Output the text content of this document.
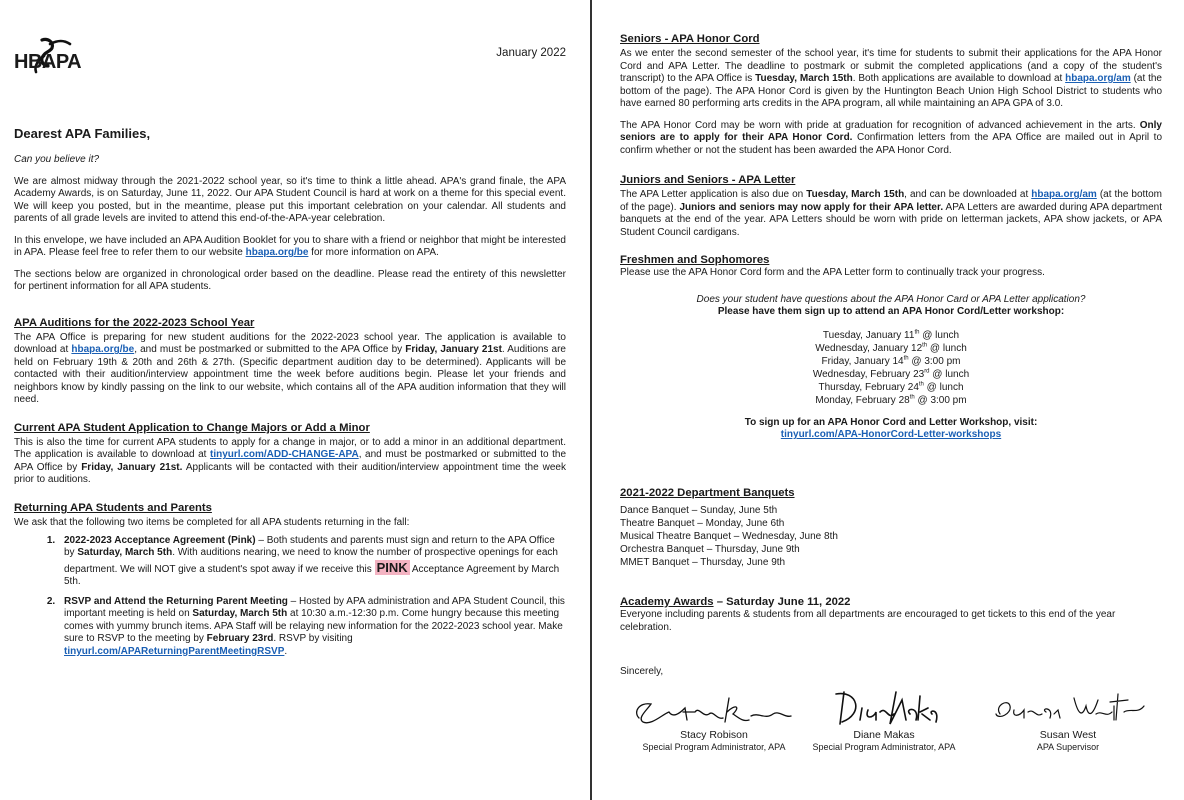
HBAPA	January 2022
Dearest APA Families,
Can you believe it?

We are almost midway through the 2021-2022 school year, so it's time to think a little ahead. APA's grand finale, the APA Academy Awards, is on Saturday, June 11, 2022. Our APA Student Council is hard at work on a theme for this special event. We will keep you posted, but in the meantime, please put this important celebration on your calendar. All students and parents of all grade levels are invited to attend this end-of-the-APA-year celebration.

In this envelope, we have included an APA Audition Booklet for you to share with a friend or neighbor that might be interested in APA. Please feel free to refer them to our website hbapa.org/be for more information on APA.

The sections below are organized in chronological order based on the deadline. Please read the entirety of this newsletter for pertinent information for all APA students.

APA Auditions for the 2022-2023 School Year

The APA Office is preparing for new student auditions for the 2022-2023 school year. The application is available to download at hbapa.org/be, and must be postmarked or submitted to the APA Office by Friday, January 21st. Auditions are held on February 19th & 20th and 26th & 27th. (Specific department audition day to be determined). Applicants will be contacted with their audition/interview appointment time the week before auditions begin. Please let your friends and neighbors know by kindly passing on the link to our website, which contains all of the APA audition information that they will need.

Current APA Student Application to Change Majors or Add a Minor

This is also the time for current APA students to apply for a change in major, or to add a minor in an additional department. The application is available to download at tinyurl.com/ADD-CHANGE-APA, and must be postmarked or submitted to the APA Office by Friday, January 21st. Applicants will be contacted with their audition/interview appointment time the week prior to auditions.

Returning APA Students and Parents

We ask that the following two items be completed for all APA students returning in the fall:

1. 2022-2023 Acceptance Agreement (Pink) – Both students and parents must sign and return to the APA Office by Saturday, March 5th. With auditions nearing, we need to know the number of prospective openings for each department. We will NOT give a student's spot away if we receive this PINK Acceptance Agreement by March 5th.
2. RSVP and Attend the Returning Parent Meeting – Hosted by APA administration and APA Student Council, this important meeting is held on Saturday, March 5th at 10:30 a.m.-12:30 p.m. Come hungry because this meeting comes with yummy brunch items. APA Staff will be relaying new information for the 2022-2023 school year. Make sure to RSVP to the meeting by February 23rd. RSVP by visiting tinyurl.com/APAReturningParentMeetingRSVP.
Seniors - APA Honor Cord

As we enter the second semester of the school year, it's time for students to submit their applications for the APA Honor Cord and APA Letter. The deadline to postmark or submit the completed applications (and a copy of the student's transcript) to the APA Office is Tuesday, March 15th. Both applications are available to download at hbapa.org/am (at the bottom of the page). The APA Honor Cord is given by the Huntington Beach Union High School District to students who have earned 80 performing arts credits in the APA program, all while maintaining an APA GPA of 3.0.

The APA Honor Cord may be worn with pride at graduation for recognition of advanced achievement in the arts. Only seniors are to apply for their APA Honor Cord. Confirmation letters from the APA Office are mailed out in April to confirm whether or not the student has been awarded the APA Honor Cord.

Juniors and Seniors - APA Letter

The APA Letter application is also due on Tuesday, March 15th, and can be downloaded at hbapa.org/am (at the bottom of the page). Juniors and seniors may now apply for their APA letter. APA Letters are awarded during APA department banquets at the end of the year. APA Letters should be worn with pride on letterman jackets, APA show jackets, or APA Student Council cardigans.

Freshmen and Sophomores

Please use the APA Honor Cord form and the APA Letter form to continually track your progress.

Does your student have questions about the APA Honor Card or APA Letter application?
Please have them sign up to attend an APA Honor Cord/Letter workshop:
Tuesday, January 11th @ lunch
Wednesday, January 12th @ lunch
Friday, January 14th @ 3:00 pm
Wednesday, February 23rd @ lunch
Thursday, February 24th @ lunch
Monday, February 28th @ 3:00 pm
To sign up for an APA Honor Cord and Letter Workshop, visit:
tinyurl.com/APA-HonorCord-Letter-workshops
2021-2022 Department Banquets
Dance Banquet – Sunday, June 5th
Theatre Banquet – Monday, June 6th
Musical Theatre Banquet – Wednesday, June 8th
Orchestra Banquet – Thursday, June 9th
MMET Banquet – Thursday, June 9th
Academy Awards – Saturday June 11, 2022

Everyone including parents & students from all departments are encouraged to get tickets to this end of the year celebration.

Sincerely,
Stacy Robison
Special Program Administrator, APA
Diane Makas
Special Program Administrator, APA
Susan West
APA Supervisor
